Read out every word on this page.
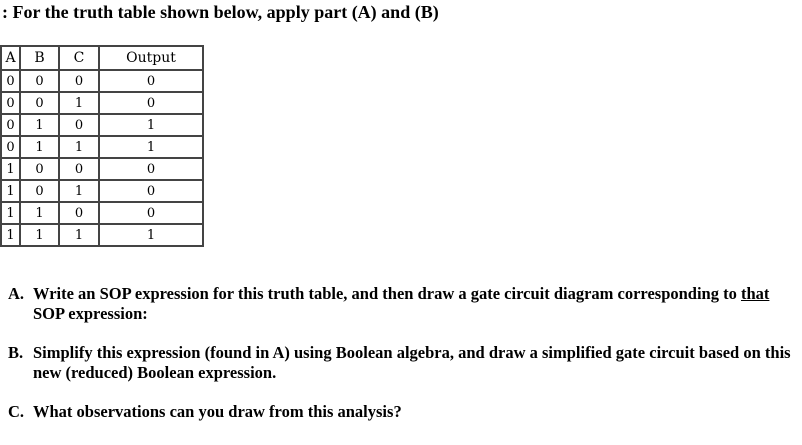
: For the truth table shown below, apply part (A) and (B)
A	B	C	Output
0	0	0	0
0	0	1	0
0	1	0	1
0	1	1	1
1	0	0	0
1	0	1	0
1	1	0	0
1	1	1	1
A. Write an SOP expression for this truth table, and then draw a gate circuit diagram corresponding to that SOP expression:
B. Simplify this expression (found in A) using Boolean algebra, and draw a simplified gate circuit based on this new (reduced) Boolean expression.
C. What observations can you draw from this analysis?
